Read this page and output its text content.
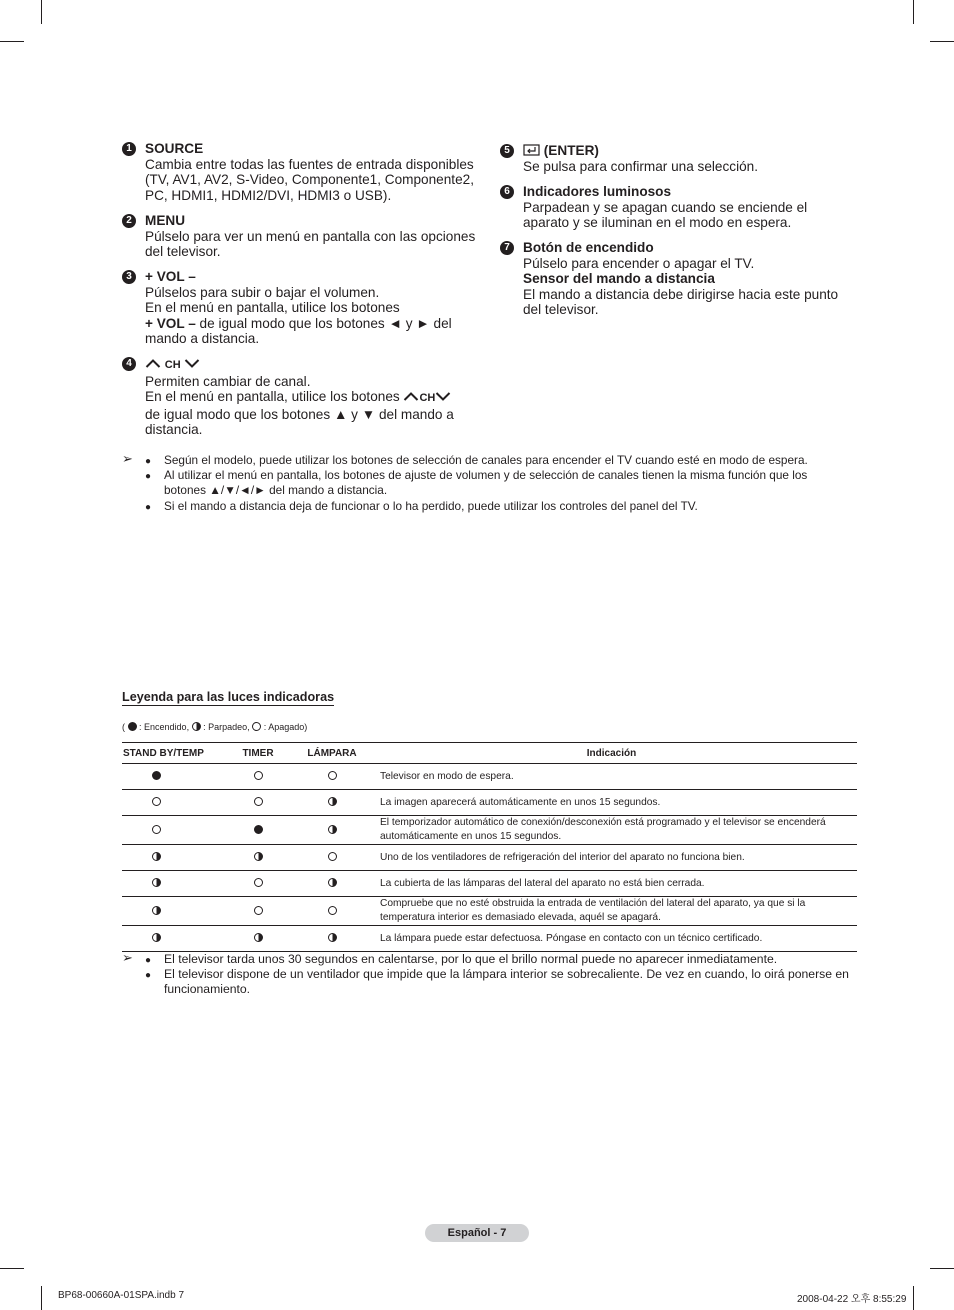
1 SOURCE
Cambia entre todas las fuentes de entrada disponibles
(TV, AV1, AV2, S-Video, Componente1, Componente2,
PC, HDMI1, HDMI2/DVI, HDMI3 o USB).
2 MENU
Púlselo para ver un menú en pantalla con las opciones
del televisor.
3 + VOL –
Púlselos para subir o bajar el volumen.
En el menú en pantalla, utilice los botones
+ VOL – de igual modo que los botones ◄ y ► del
mando a distancia.
4	CH
Permiten cambiar de canal.
En el menú en pantalla, utilice los botones CH
de igual modo que los botones ▲ y ▼ del mando a
distancia.
5	(ENTER)
Se pulsa para confirmar una selección.
6 Indicadores luminosos
Parpadean y se apagan cuando se enciende el
aparato y se iluminan en el modo en espera.
7 Botón de encendido
Púlselo para encender o apagar el TV.
Sensor del mando a distancia
El mando a distancia debe dirigirse hacia este punto
del televisor.
➢ ● Según el modelo, puede utilizar los botones de selección de canales para encender el TV cuando esté en modo de espera.
● Al utilizar el menú en pantalla, los botones de ajuste de volumen y de selección de canales tienen la misma función que los
botones ▲/▼/◄/► del mando a distancia.
● Si el mando a distancia deja de funcionar o lo ha perdido, puede utilizar los controles del panel del TV.
Leyenda para las luces indicadoras
( : Encendido, : Parpadeo, : Apagado)
STAND BY/TEMP	TIMER	LÁMPARA	Indicación

			Televisor en modo de espera.

			La imagen aparecerá automáticamente en unos 15 segundos.

			El temporizador automático de conexión/desconexión está programado y el televisor se encenderá
automáticamente en unos 15 segundos.

			Uno de los ventiladores de refrigeración del interior del aparato no funciona bien.

			La cubierta de las lámparas del lateral del aparato no está bien cerrada.

			Compruebe que no esté obstruida la entrada de ventilación del lateral del aparato, ya que si la
temperatura interior es demasiado elevada, aquél se apagará.

			La lámpara puede estar defectuosa. Póngase en contacto con un técnico certificado.
➢ ● El televisor tarda unos 30 segundos en calentarse, por lo que el brillo normal puede no aparecer inmediatamente.
● El televisor dispone de un ventilador que impide que la lámpara interior se sobrecaliente. De vez en cuando, lo oirá ponerse en
funcionamiento.
Español - 7
BP68-00660A-01SPA.indb 7	2008-04-22 오후 8:55:29
